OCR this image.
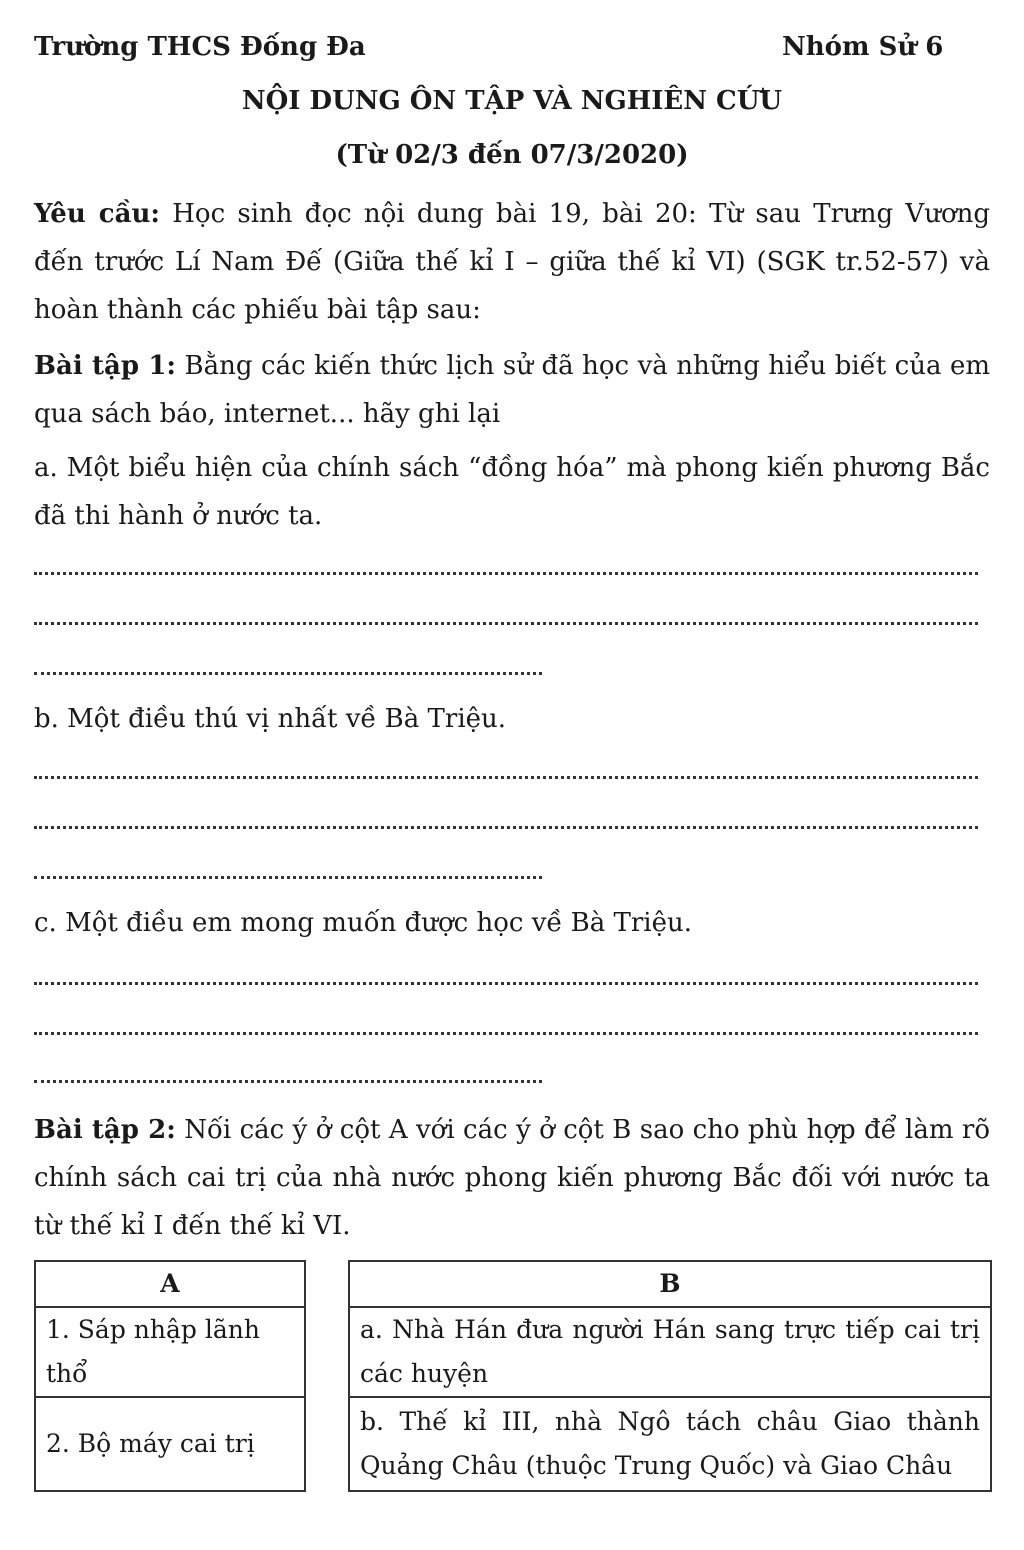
Trường THCS Đống Đa	Nhóm Sử 6
NỘI DUNG ÔN TẬP VÀ NGHIÊN CỨU
(Từ 02/3 đến 07/3/2020)
Yêu cầu: Học sinh đọc nội dung bài 19, bài 20: Từ sau Trưng Vương đến trước Lí Nam Đế (Giữa thế kỉ I – giữa thế kỉ VI) (SGK tr.52-57) và hoàn thành các phiếu bài tập sau:
Bài tập 1: Bằng các kiến thức lịch sử đã học và những hiểu biết của em qua sách báo, internet... hãy ghi lại
a. Một biểu hiện của chính sách “đồng hóa” mà phong kiến phương Bắc đã thi hành ở nước ta.
b. Một điều thú vị nhất về Bà Triệu.
c. Một điều em mong muốn được học về Bà Triệu.
Bài tập 2: Nối các ý ở cột A với các ý ở cột B sao cho phù hợp để làm rõ chính sách cai trị của nhà nước phong kiến phương Bắc đối với nước ta từ thế kỉ I đến thế kỉ VI.
A
1. Sáp nhập lãnh thổ
2. Bộ máy cai trị
B
a. Nhà Hán đưa người Hán sang trực tiếp cai trị các huyện
b. Thế kỉ III, nhà Ngô tách châu Giao thành Quảng Châu (thuộc Trung Quốc) và Giao Châu
